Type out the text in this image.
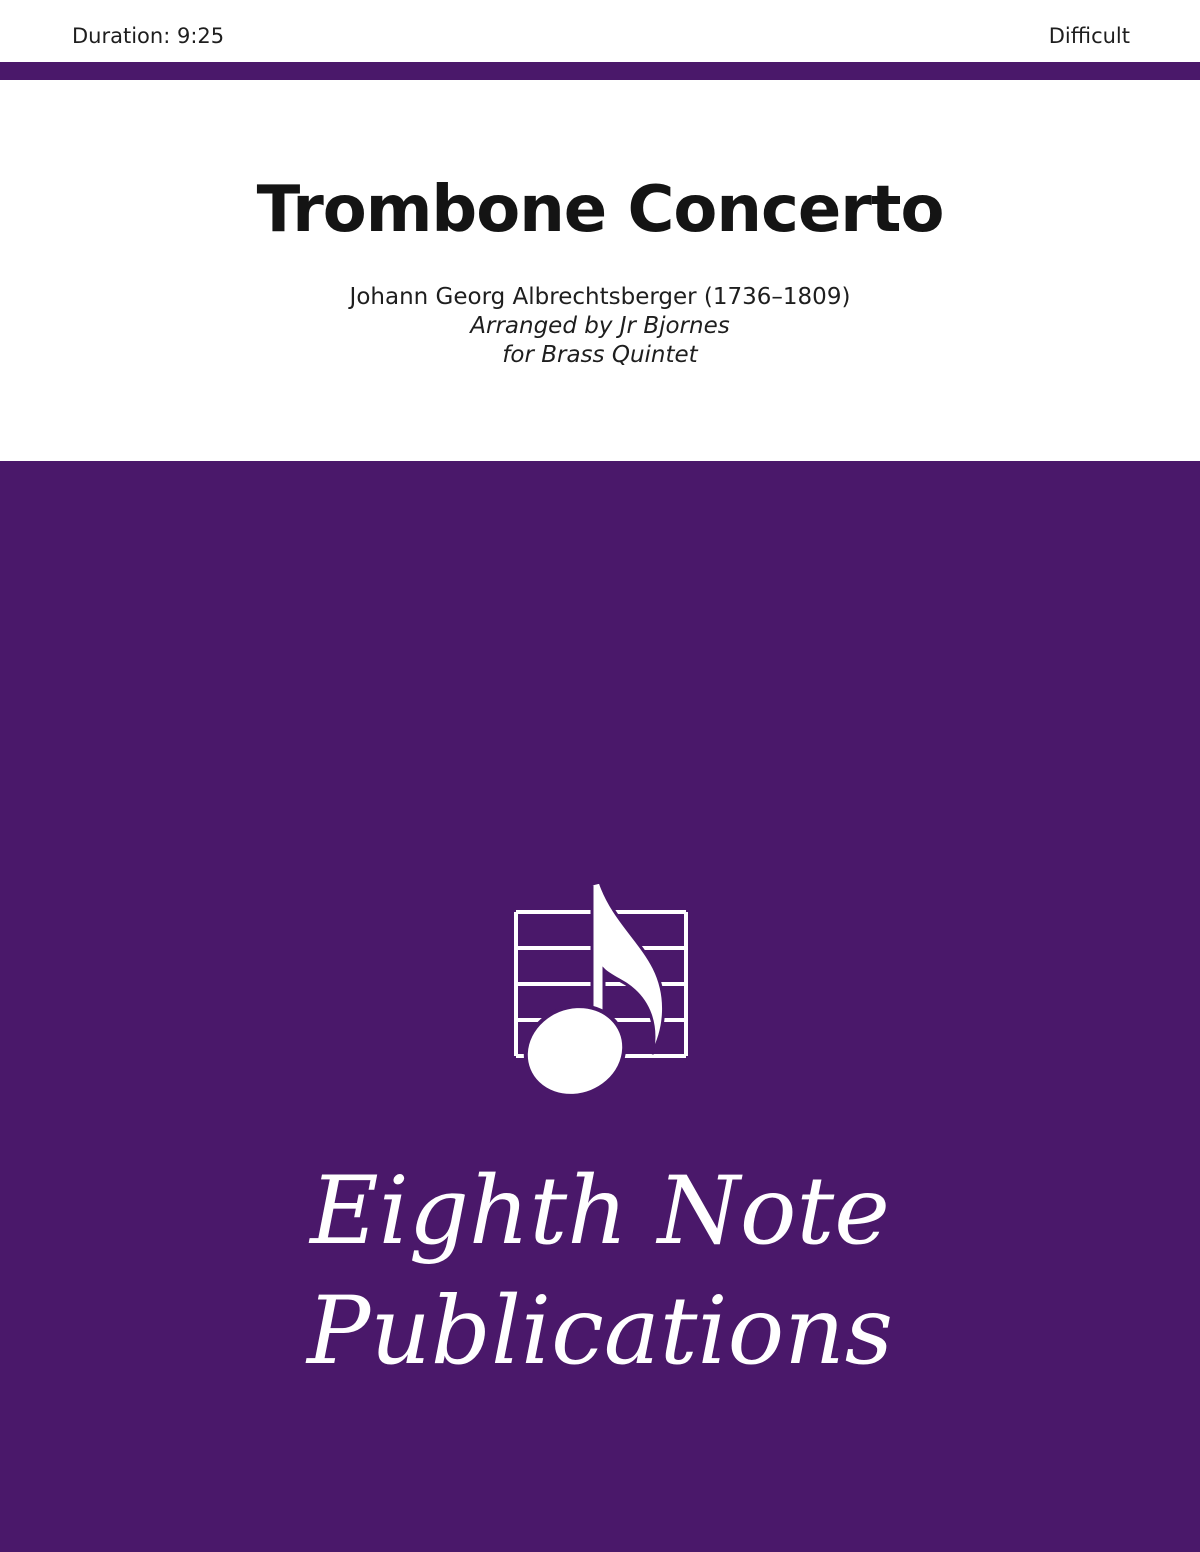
Duration: 9:25	Difficult
Trombone Concerto
Johann Georg Albrechtsberger (1736–1809)
Arranged by Jr Bjornes
for Brass Quintet
Eighth Note
Publications
